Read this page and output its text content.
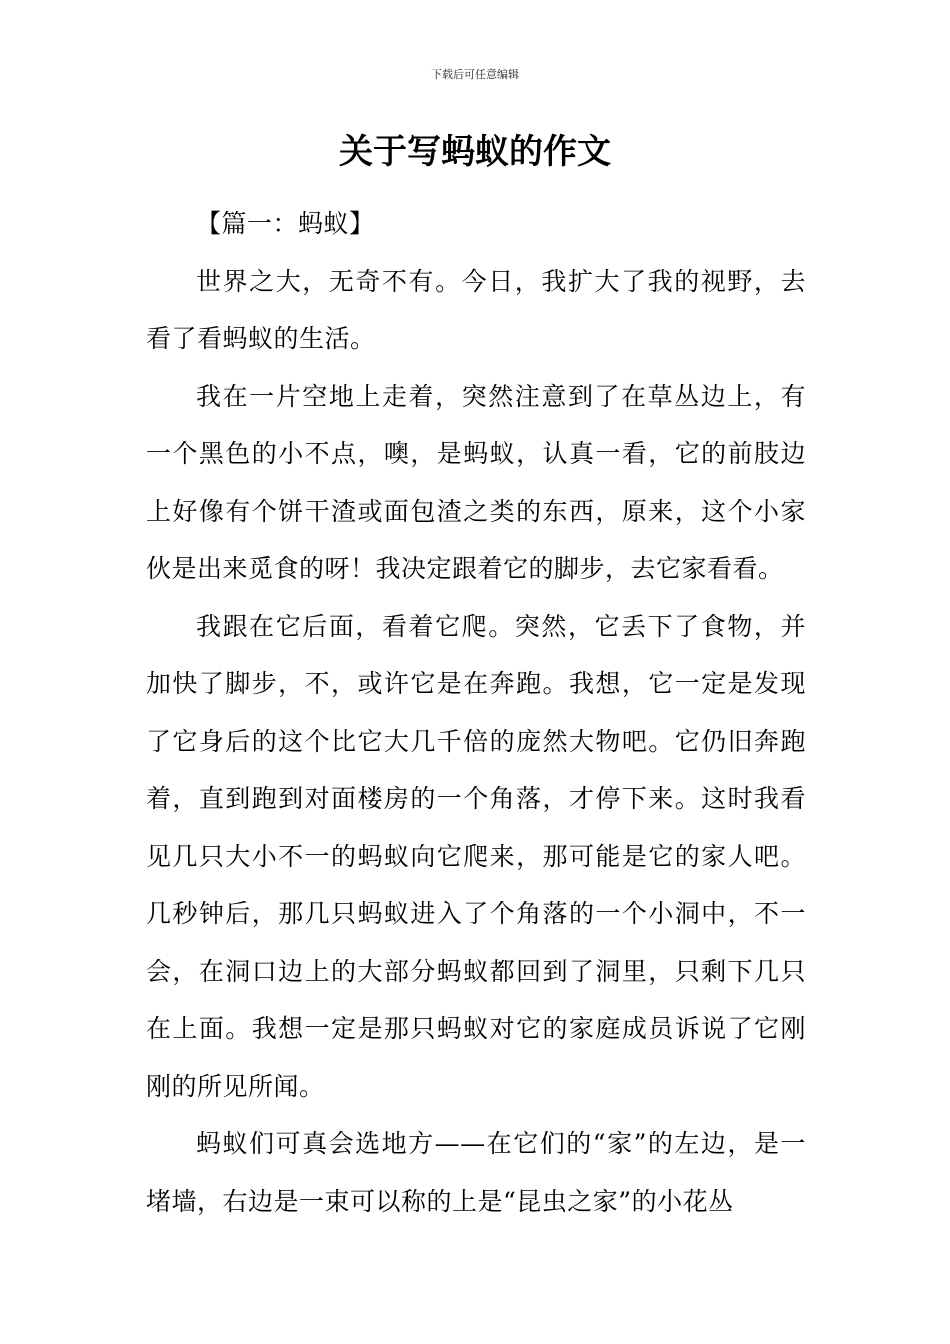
下载后可任意编辑
关于写蚂蚁的作文
【篇一：蚂蚁】

世界之大，无奇不有。今日，我扩大了我的视野，去看了看蚂蚁的生活。

我在一片空地上走着，突然注意到了在草丛边上，有一个黑色的小不点，噢，是蚂蚁，认真一看，它的前肢边上好像有个饼干渣或面包渣之类的东西，原来，这个小家伙是出来觅食的呀！我决定跟着它的脚步，去它家看看。

我跟在它后面，看着它爬。突然，它丢下了食物，并加快了脚步，不，或许它是在奔跑。我想，它一定是发现了它身后的这个比它大几千倍的庞然大物吧。它仍旧奔跑着，直到跑到对面楼房的一个角落，才停下来。这时我看见几只大小不一的蚂蚁向它爬来，那可能是它的家人吧。几秒钟后，那几只蚂蚁进入了个角落的一个小洞中，不一会，在洞口边上的大部分蚂蚁都回到了洞里，只剩下几只在上面。我想一定是那只蚂蚁对它的家庭成员诉说了它刚刚的所见所闻。

蚂蚁们可真会选地方——在它们的“家”的左边，是一堵墙，右边是一束可以称的上是“昆虫之家”的小花丛
